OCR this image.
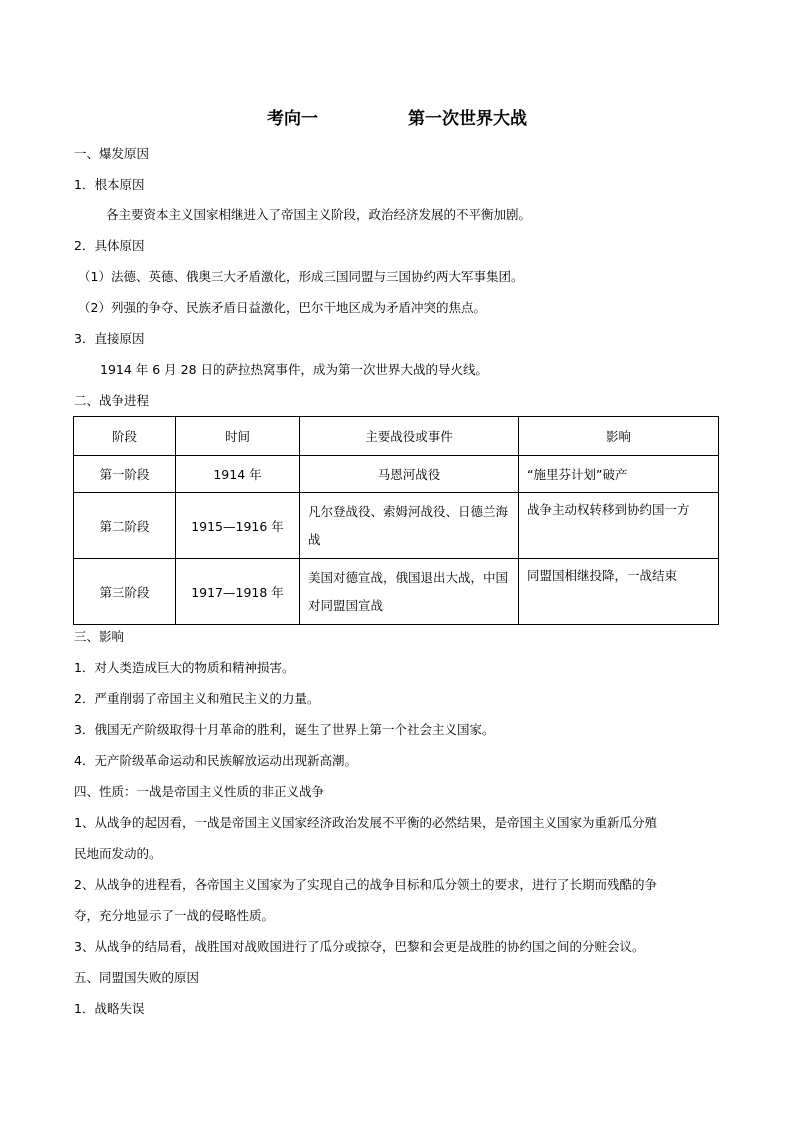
考向一	第一次世界大战
一、爆发原因
1．根本原因
各主要资本主义国家相继进入了帝国主义阶段，政治经济发展的不平衡加剧。
2．具体原因
（1）法德、英德、俄奥三大矛盾激化，形成三国同盟与三国协约两大军事集团。
（2）列强的争夺、民族矛盾日益激化，巴尔干地区成为矛盾冲突的焦点。
3．直接原因
1914 年 6 月 28 日的萨拉热窝事件，成为第一次世界大战的导火线。
二、战争进程
阶段	时间	主要战役或事件	影响
第一阶段	1914 年	马恩河战役	“施里芬计划”破产
第二阶段	1915—1916 年	凡尔登战役、索姆河战役、日德兰海战	战争主动权转移到协约国一方
第三阶段	1917—1918 年	美国对德宣战，俄国退出大战，中国对同盟国宣战	同盟国相继投降，一战结束
三、影响
1．对人类造成巨大的物质和精神损害。
2．严重削弱了帝国主义和殖民主义的力量。
3．俄国无产阶级取得十月革命的胜利，诞生了世界上第一个社会主义国家。
4．无产阶级革命运动和民族解放运动出现新高潮。
四、性质：一战是帝国主义性质的非正义战争
1、从战争的起因看，一战是帝国主义国家经济政治发展不平衡的必然结果，是帝国主义国家为重新瓜分殖
民地而发动的。
2、从战争的进程看，各帝国主义国家为了实现自己的战争目标和瓜分领土的要求，进行了长期而残酷的争
夺，充分地显示了一战的侵略性质。
3、从战争的结局看，战胜国对战败国进行了瓜分或掠夺，巴黎和会更是战胜的协约国之间的分赃会议。
五、同盟国失败的原因
1．战略失误
